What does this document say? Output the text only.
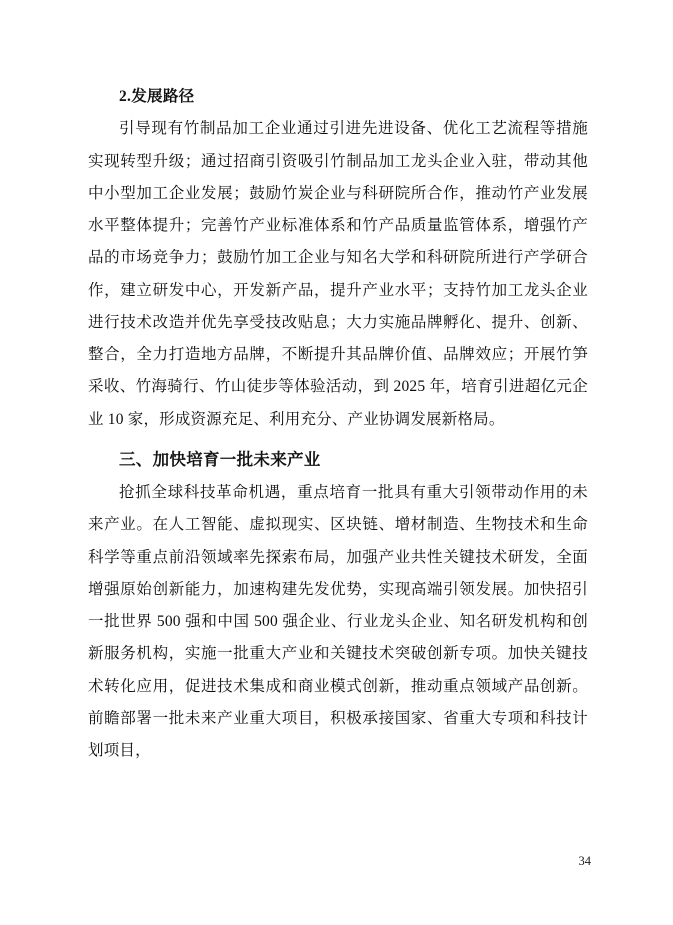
2.发展路径

引导现有竹制品加工企业通过引进先进设备、优化工艺流程等措施实现转型升级；通过招商引资吸引竹制品加工龙头企业入驻，带动其他中小型加工企业发展；鼓励竹炭企业与科研院所合作，推动竹产业发展水平整体提升；完善竹产业标准体系和竹产品质量监管体系，增强竹产品的市场竞争力；鼓励竹加工企业与知名大学和科研院所进行产学研合作，建立研发中心，开发新产品，提升产业水平；支持竹加工龙头企业进行技术改造并优先享受技改贴息；大力实施品牌孵化、提升、创新、整合，全力打造地方品牌，不断提升其品牌价值、品牌效应；开展竹笋采收、竹海骑行、竹山徒步等体验活动，到 2025 年，培育引进超亿元企业 10 家，形成资源充足、利用充分、产业协调发展新格局。

三、加快培育一批未来产业

抢抓全球科技革命机遇，重点培育一批具有重大引领带动作用的未来产业。在人工智能、虚拟现实、区块链、增材制造、生物技术和生命科学等重点前沿领域率先探索布局，加强产业共性关键技术研发，全面增强原始创新能力，加速构建先发优势，实现高端引领发展。加快招引一批世界 500 强和中国 500 强企业、行业龙头企业、知名研发机构和创新服务机构，实施一批重大产业和关键技术突破创新专项。加快关键技术转化应用，促进技术集成和商业模式创新，推动重点领域产品创新。前瞻部署一批未来产业重大项目，积极承接国家、省重大专项和科技计划项目，

34
